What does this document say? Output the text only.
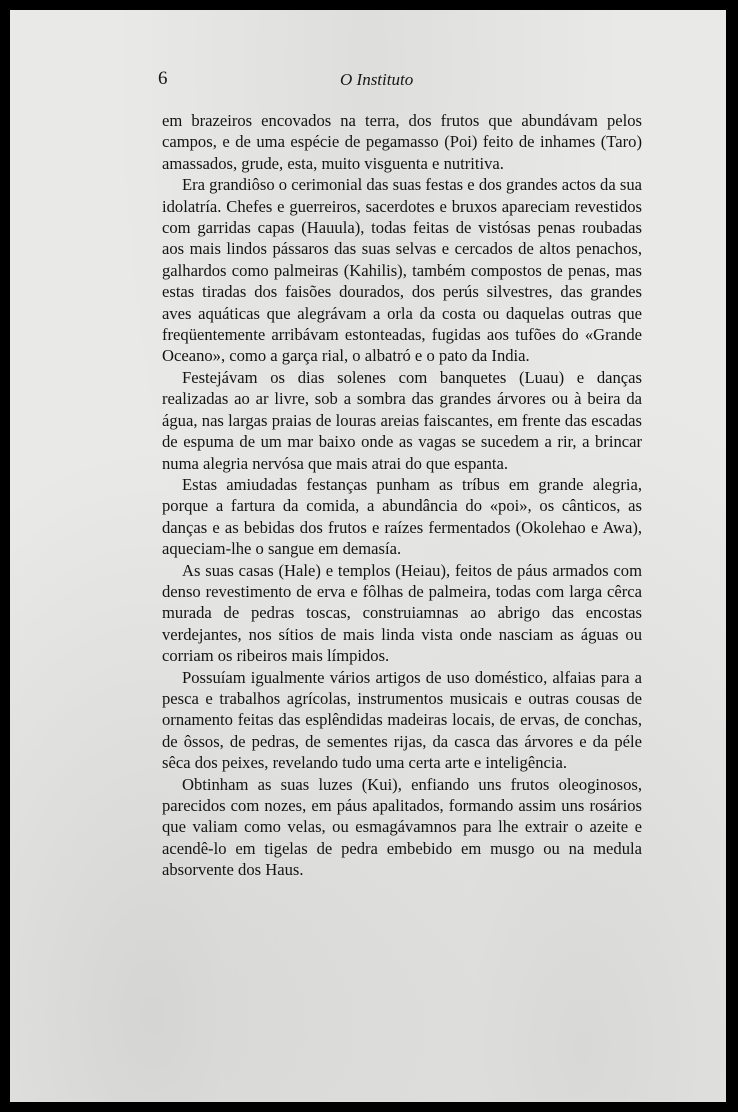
6	O Instituto

em brazeiros encovados na terra, dos frutos que abundávam pelos campos, e de uma espécie de pegamasso (Poi) feito de inhames (Taro) amassados, grude, esta, muito visguenta e nutritiva.

Era grandiôso o cerimonial das suas festas e dos grandes actos da sua idolatría. Chefes e guerreiros, sacerdotes e bruxos apareciam revestidos com garridas capas (Hauula), todas feitas de vistósas penas roubadas aos mais lindos pássaros das suas selvas e cercados de altos penachos, galhardos como palmeiras (Kahilis), também compostos de penas, mas estas tiradas dos faisões dourados, dos perús silvestres, das grandes aves aquáticas que alegrávam a orla da costa ou daquelas outras que freqüentemente arribávam estonteadas, fugidas aos tufões do «Grande Oceano», como a garça rial, o albatró e o pato da India.

Festejávam os dias solenes com banquetes (Luau) e danças realizadas ao ar livre, sob a sombra das grandes árvores ou à beira da água, nas largas praias de louras areias faiscantes, em frente das escadas de espuma de um mar baixo onde as vagas se sucedem a rir, a brincar numa alegria nervósa que mais atrai do que espanta.

Estas amiudadas festanças punham as tríbus em grande alegria, porque a fartura da comida, a abundância do «poi», os cânticos, as danças e as bebidas dos frutos e raízes fermentados (Okolehao e Awa), aqueciam-lhe o sangue em demasía.

As suas casas (Hale) e templos (Heiau), feitos de páus armados com denso revestimento de erva e fôlhas de palmeira, todas com larga cêrca murada de pedras toscas, construiamnas ao abrigo das encostas verdejantes, nos sítios de mais linda vista onde nasciam as águas ou corriam os ribeiros mais límpidos.

Possuíam igualmente vários artigos de uso doméstico, alfaias para a pesca e trabalhos agrícolas, instrumentos musicais e outras cousas de ornamento feitas das esplêndidas madeiras locais, de ervas, de conchas, de ôssos, de pedras, de sementes rijas, da casca das árvores e da péle sêca dos peixes, revelando tudo uma certa arte e inteligência.

Obtinham as suas luzes (Kui), enfiando uns frutos oleoginosos, parecidos com nozes, em páus apalitados, formando assim uns rosários que valiam como velas, ou esmagávamnos para lhe extrair o azeite e acendê-lo em tigelas de pedra embebido em musgo ou na medula absorvente dos Haus.
